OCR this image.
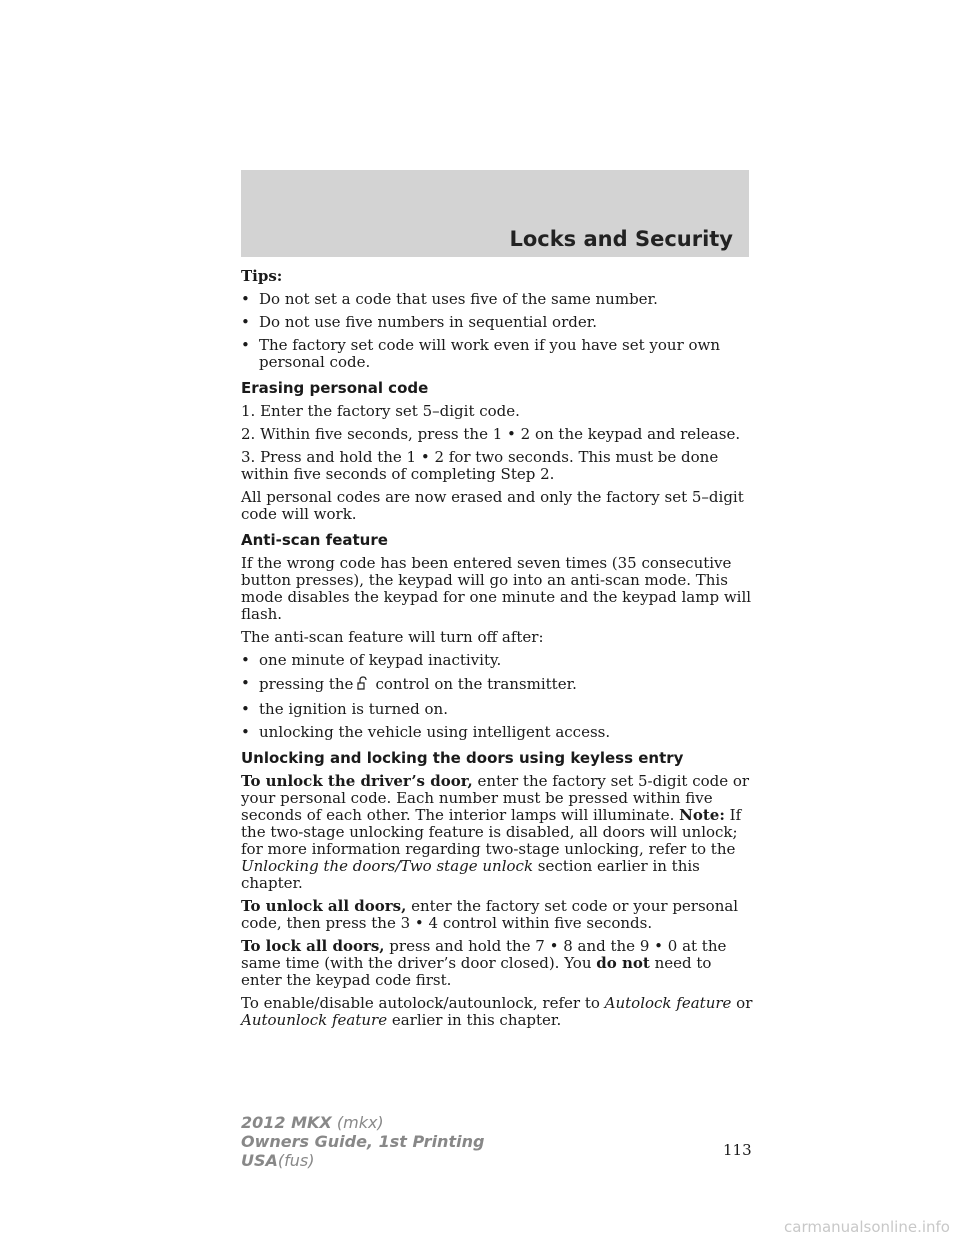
Locks and Security

Tips:

• Do not set a code that uses five of the same number.
• Do not use five numbers in sequential order.
• The factory set code will work even if you have set your own personal code.
Erasing personal code

1. Enter the factory set 5–digit code.

2. Within five seconds, press the 1 • 2 on the keypad and release.

3. Press and hold the 1 • 2 for two seconds. This must be done within five seconds of completing Step 2.

All personal codes are now erased and only the factory set 5–digit code will work.

Anti-scan feature

If the wrong code has been entered seven times (35 consecutive button presses), the keypad will go into an anti-scan mode. This mode disables the keypad for one minute and the keypad lamp will flash.

The anti-scan feature will turn off after:

• one minute of keypad inactivity.
• pressing the control on the transmitter.
• the ignition is turned on.
• unlocking the vehicle using intelligent access.
Unlocking and locking the doors using keyless entry

To unlock the driver’s door, enter the factory set 5-digit code or your personal code. Each number must be pressed within five seconds of each other. The interior lamps will illuminate. Note: If the two-stage unlocking feature is disabled, all doors will unlock; for more information regarding two-stage unlocking, refer to the Unlocking the doors/Two stage unlock section earlier in this chapter.

To unlock all doors, enter the factory set code or your personal code, then press the 3 • 4 control within five seconds.

To lock all doors, press and hold the 7 • 8 and the 9 • 0 at the same time (with the driver’s door closed). You do not need to enter the keypad code first.

To enable/disable autolock/autounlock, refer to Autolock feature or Autounlock feature earlier in this chapter.

113
2012 MKX (mkx)
Owners Guide, 1st Printing
USA(fus)
carmanualsonline.info
